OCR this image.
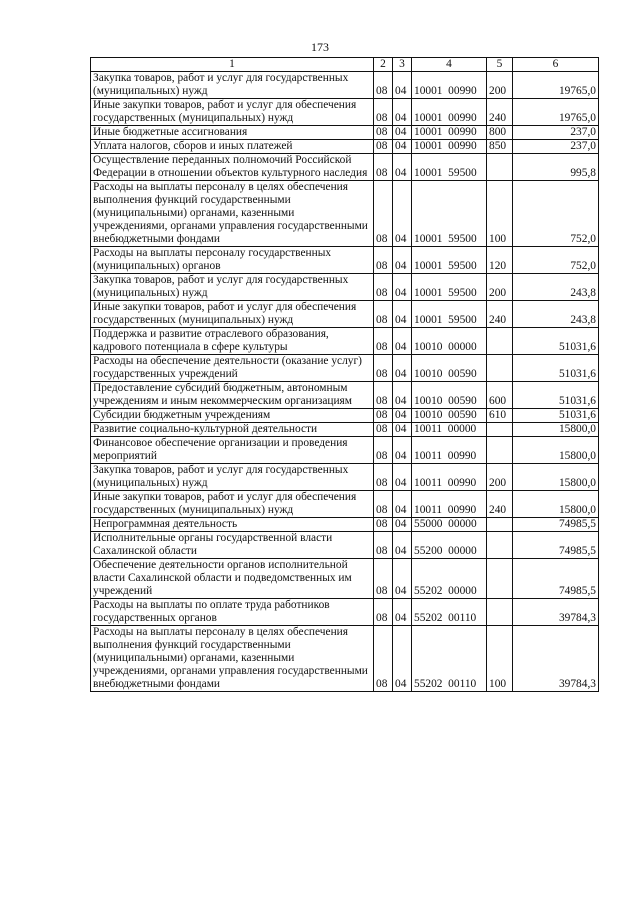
173
1	2	3	4	5	6
Закупка товаров, работ и услуг для государственных (муниципальных) нужд	08	04	10001  00990	200	19765,0
Иные закупки товаров, работ и услуг для обеспечения государственных (муниципальных) нужд	08	04	10001  00990	240	19765,0
Иные бюджетные ассигнования	08	04	10001  00990	800	237,0
Уплата налогов, сборов и иных платежей	08	04	10001  00990	850	237,0
Осуществление переданных полномочий Российской Федерации в отношении объектов культурного наследия	08	04	10001  59500		995,8
Расходы на выплаты персоналу в целях обеспечения выполнения функций государственными (муниципальными) органами, казенными учреждениями, органами управления государственными внебюджетными фондами	08	04	10001  59500	100	752,0
Расходы на выплаты персоналу государственных (муниципальных) органов	08	04	10001  59500	120	752,0
Закупка товаров, работ и услуг для государственных (муниципальных) нужд	08	04	10001  59500	200	243,8
Иные закупки товаров, работ и услуг для обеспечения государственных (муниципальных) нужд	08	04	10001  59500	240	243,8
Поддержка и развитие отраслевого образования, кадрового потенциала в сфере культуры	08	04	10010  00000		51031,6
Расходы на обеспечение деятельности (оказание услуг) государственных учреждений	08	04	10010  00590		51031,6
Предоставление субсидий бюджетным, автономным учреждениям и иным некоммерческим организациям	08	04	10010  00590	600	51031,6
Субсидии бюджетным учреждениям	08	04	10010  00590	610	51031,6
Развитие социально-культурной деятельности	08	04	10011  00000		15800,0
Финансовое обеспечение организации и проведения мероприятий	08	04	10011  00990		15800,0
Закупка товаров, работ и услуг для государственных (муниципальных) нужд	08	04	10011  00990	200	15800,0
Иные закупки товаров, работ и услуг для обеспечения государственных (муниципальных) нужд	08	04	10011  00990	240	15800,0
Непрограммная деятельность	08	04	55000  00000		74985,5
Исполнительные органы государственной власти Сахалинской области	08	04	55200  00000		74985,5
Обеспечение деятельности органов исполнительной власти Сахалинской области и подведомственных им учреждений	08	04	55202  00000		74985,5
Расходы на выплаты по оплате труда работников государственных органов	08	04	55202  00110		39784,3
Расходы на выплаты персоналу в целях обеспечения выполнения функций государственными (муниципальными) органами, казенными учреждениями, органами управления государственными внебюджетными фондами	08	04	55202  00110	100	39784,3
